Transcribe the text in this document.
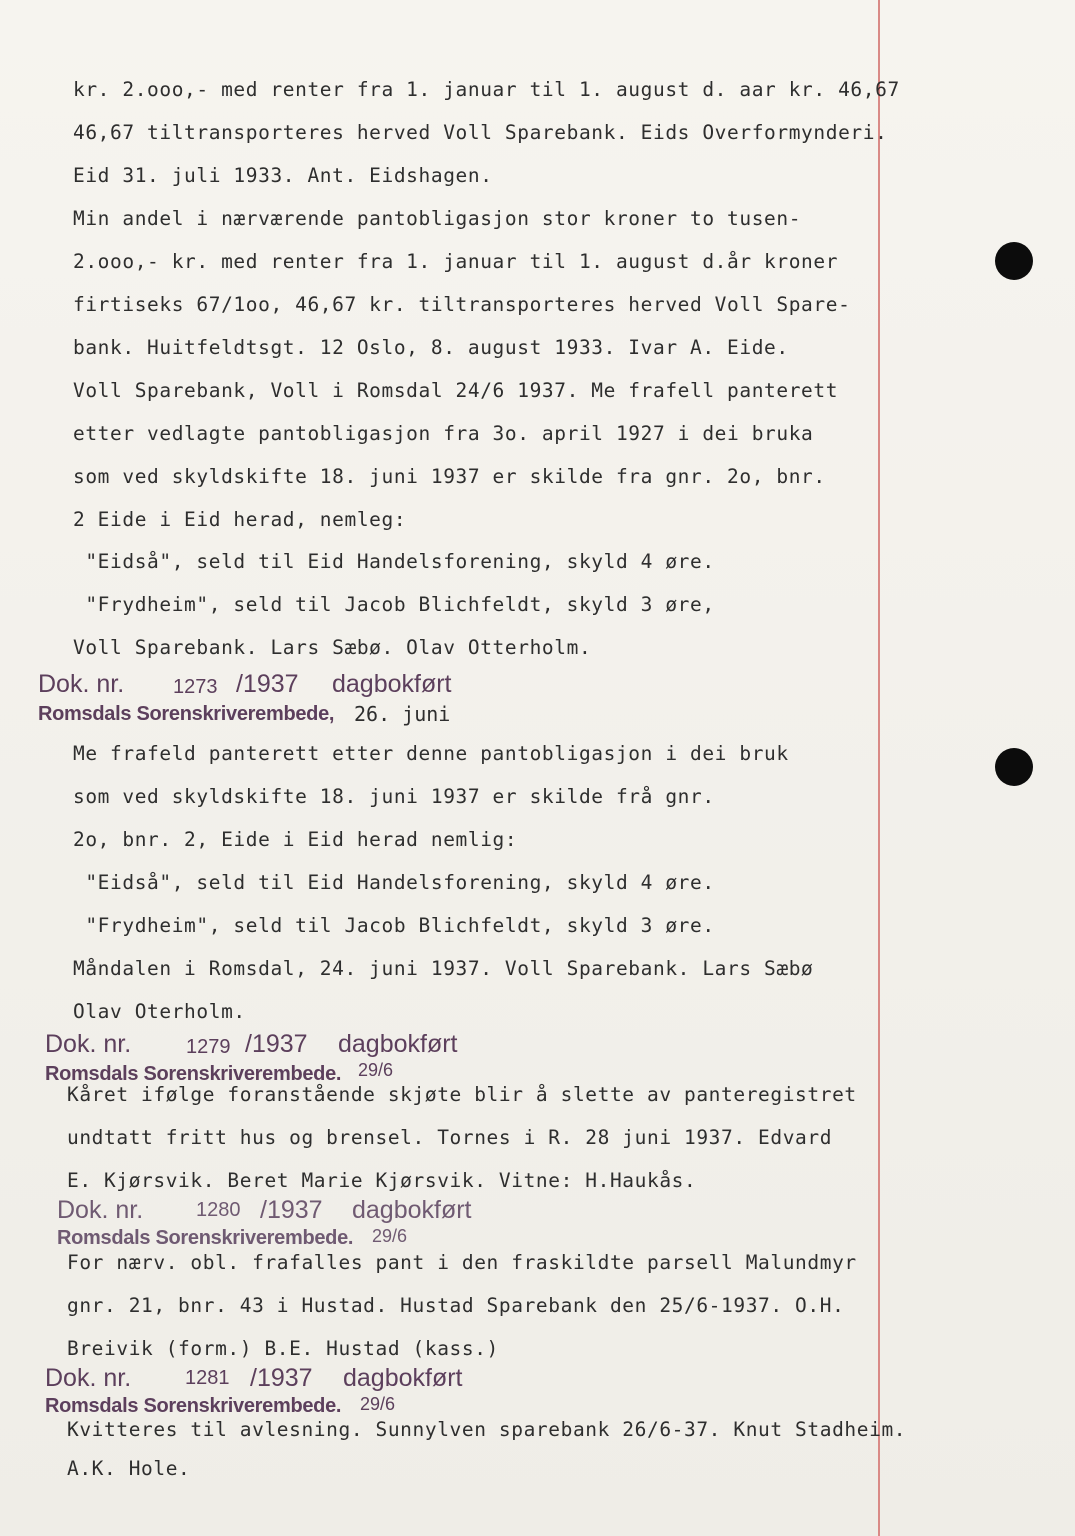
kr. 2.ooo,- med renter fra 1. januar til 1. august d. aar kr. 46,67

46,67 tiltransporteres herved Voll Sparebank. Eids Overformynderi.

Eid 31. juli 1933. Ant. Eidshagen.

Min andel i nærværende pantobligasjon stor kroner to tusen-

2.ooo,- kr. med renter fra 1. januar til 1. august d.år kroner

firtiseks 67/1oo, 46,67 kr. tiltransporteres herved Voll Spare-

bank. Huitfeldtsgt. 12 Oslo, 8. august 1933. Ivar A. Eide.

Voll Sparebank, Voll i Romsdal 24/6 1937. Me frafell panterett

etter vedlagte pantobligasjon fra 3o. april 1927 i dei bruka

som ved skyldskifte 18. juni 1937 er skilde fra gnr. 2o, bnr.

2 Eide i Eid herad, nemleg:

"Eidså", seld til Eid Handelsforening, skyld 4 øre.

"Frydheim", seld til Jacob Blichfeldt, skyld 3 øre,

Voll Sparebank. Lars Sæbø. Olav Otterholm.

Dok. nr. 1273 /1937 dagbokført

Romsdals Sorenskriverembede, 26. juni

Me frafeld panterett etter denne pantobligasjon i dei bruk

som ved skyldskifte 18. juni 1937 er skilde frå gnr.

2o, bnr. 2, Eide i Eid herad nemlig:

"Eidså", seld til Eid Handelsforening, skyld 4 øre.

"Frydheim", seld til Jacob Blichfeldt, skyld 3 øre.

Måndalen i Romsdal, 24. juni 1937. Voll Sparebank. Lars Sæbø

Olav Oterholm.

Dok. nr.	1279 /1937 dagbokført

Romsdals Sorenskriverembede. 29/6

Kåret ifølge foranstående skjøte blir å slette av panteregistret

undtatt fritt hus og brensel. Tornes i R. 28 juni 1937. Edvard

E. Kjørsvik. Beret Marie Kjørsvik. Vitne: H.Haukås.

Dok. nr.	1280 /1937 dagbokført

Romsdals Sorenskriverembede. 29/6

For nærv. obl. frafalles pant i den fraskildte parsell Malundmyr

gnr. 21, bnr. 43 i Hustad. Hustad Sparebank den 25/6-1937. O.H.

Breivik (form.) B.E. Hustad (kass.)

Dok. nr.	1281 /1937 dagbokført

Romsdals Sorenskriverembede. 29/6

Kvitteres til avlesning. Sunnylven sparebank 26/6-37. Knut Stadheim.

A.K. Hole.
